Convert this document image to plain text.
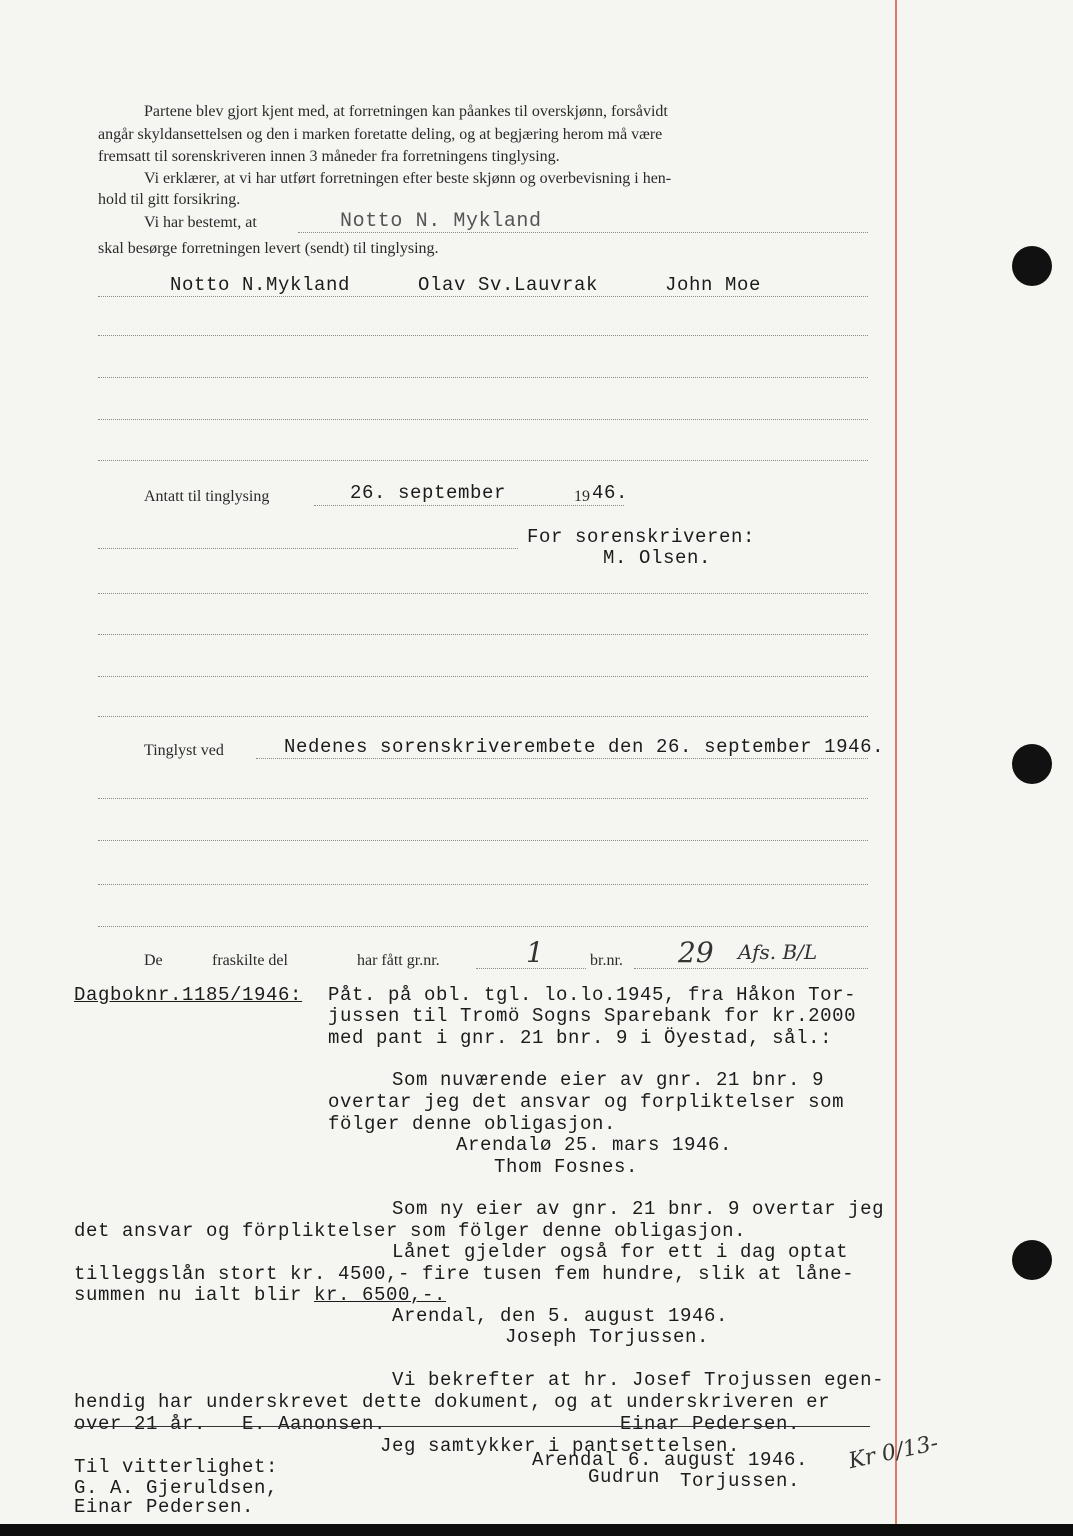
Partene blev gjort kjent med, at forretningen kan påankes til overskjønn, forsåvidt
angår skyldansettelsen og den i marken foretatte deling, og at begjæring herom må være
fremsatt til sorenskriveren innen 3 måneder fra forretningens tinglysing.
Vi erklærer, at vi har utført forretningen efter beste skjønn og overbevisning i hen-
hold til gitt forsikring.
Vi har bestemt, at	Notto N. Mykland
skal besørge forretningen levert (sendt) til tinglysing.
Notto N.Mykland	Olav Sv.Lauvrak	John Moe
Antatt til tinglysing	26. september	19 46.
For sorenskriveren:
M. Olsen.
Tinglyst ved	Nedenes sorenskriverembete den 26. september 1946.
De	fraskilte del	har fått gr.nr.	1	br.nr. 29 Afs. B/L
Dagboknr.1185/1946: Påt. på obl. tgl. lo.lo.1945, fra Håkon Tor-
jussen til Tromö Sogns Sparebank for kr.2000
med pant i gnr. 21 bnr. 9 i Öyestad, sål.:
Som nuværende eier av gnr. 21 bnr. 9
overtar jeg det ansvar og forpliktelser som
fölger denne obligasjon.
Arendalø 25. mars 1946.
Thom Fosnes.
Som ny eier av gnr. 21 bnr. 9 overtar jeg
det ansvar og förpliktelser som fölger denne obligasjon.
Lånet gjelder også for ett i dag optat
tilleggslån stort kr. 4500,- fire tusen fem hundre, slik at låne-
summen nu ialt blir kr. 6500,-.
Arendal, den 5. august 1946.
Joseph Torjussen.
Vi bekrefter at hr. Josef Trojussen egen-
hendig har underskrevet dette dokument, og at underskriveren er
over 21 år. E. Aanonsen.	Einar Pedersen.
Jeg samtykker i pantsettelsen.
Til vitterlighet:	Arendal 6. august 1946.
G. A. Gjeruldsen,	Gudrun Torjussen.
Einar Pedersen.
Kr 0/13-
